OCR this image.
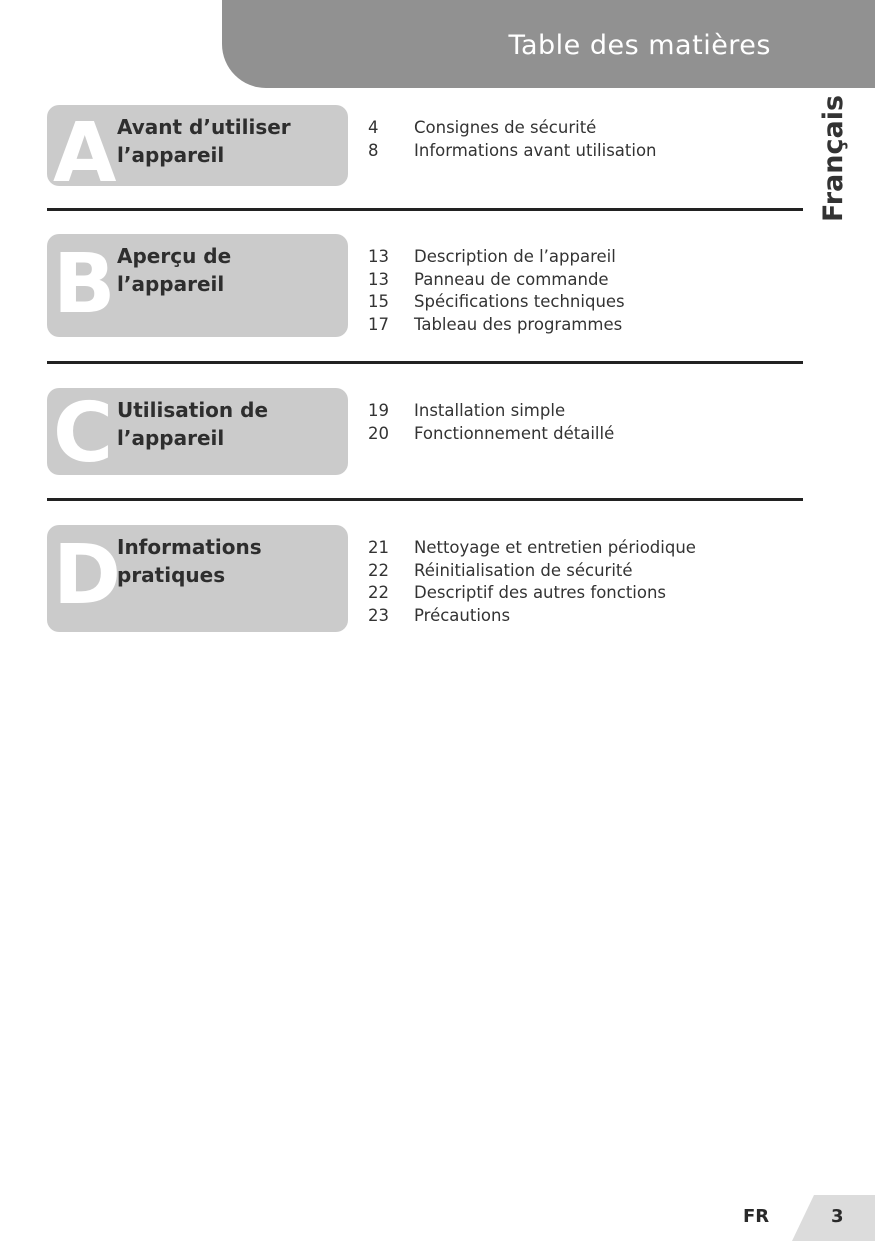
Table des matières
Français
A Avant d’utiliser l’appareil
4 Consignes de sécurité
8 Informations avant utilisation
B Aperçu de l’appareil
13 Description de l’appareil
13 Panneau de commande
15 Spécifications techniques
17 Tableau des programmes
C Utilisation de l’appareil
19 Installation simple
20 Fonctionnement détaillé
D
Informations pratiques
21 Nettoyage et entretien périodique
22 Réinitialisation de sécurité
22 Descriptif des autres fonctions
23 Précautions
FR	3
